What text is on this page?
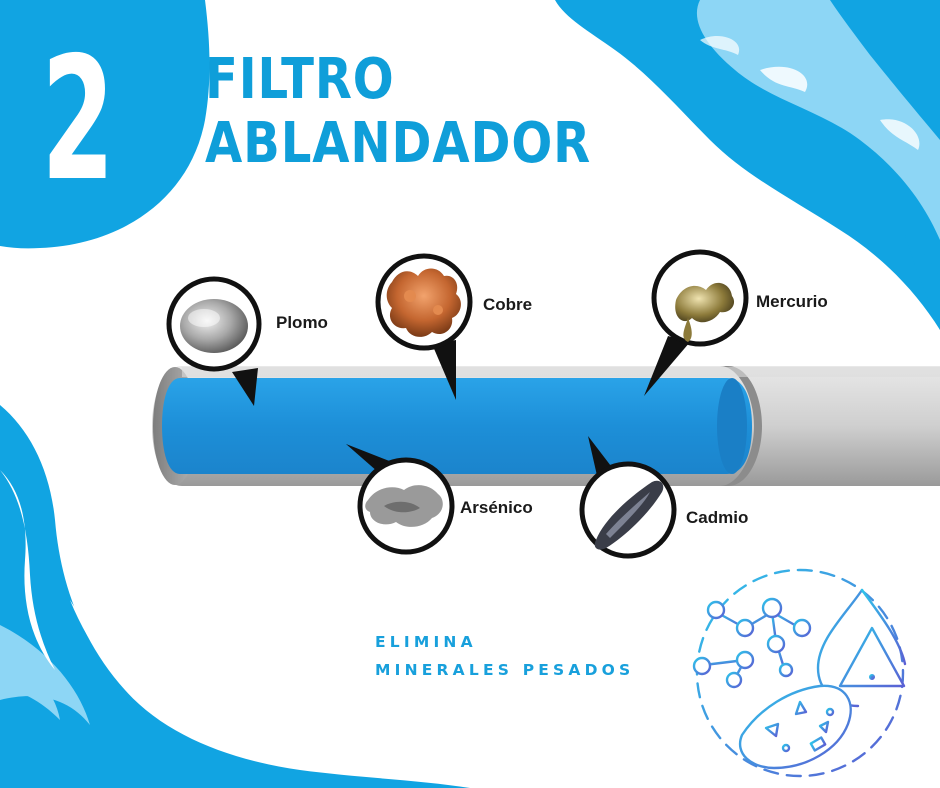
2 FILTRO
ABLANDADOR
Plomo
Cobre	Mercurio
Arsénico
Cadmio
ELIMINA
MINERALES PESADOS
